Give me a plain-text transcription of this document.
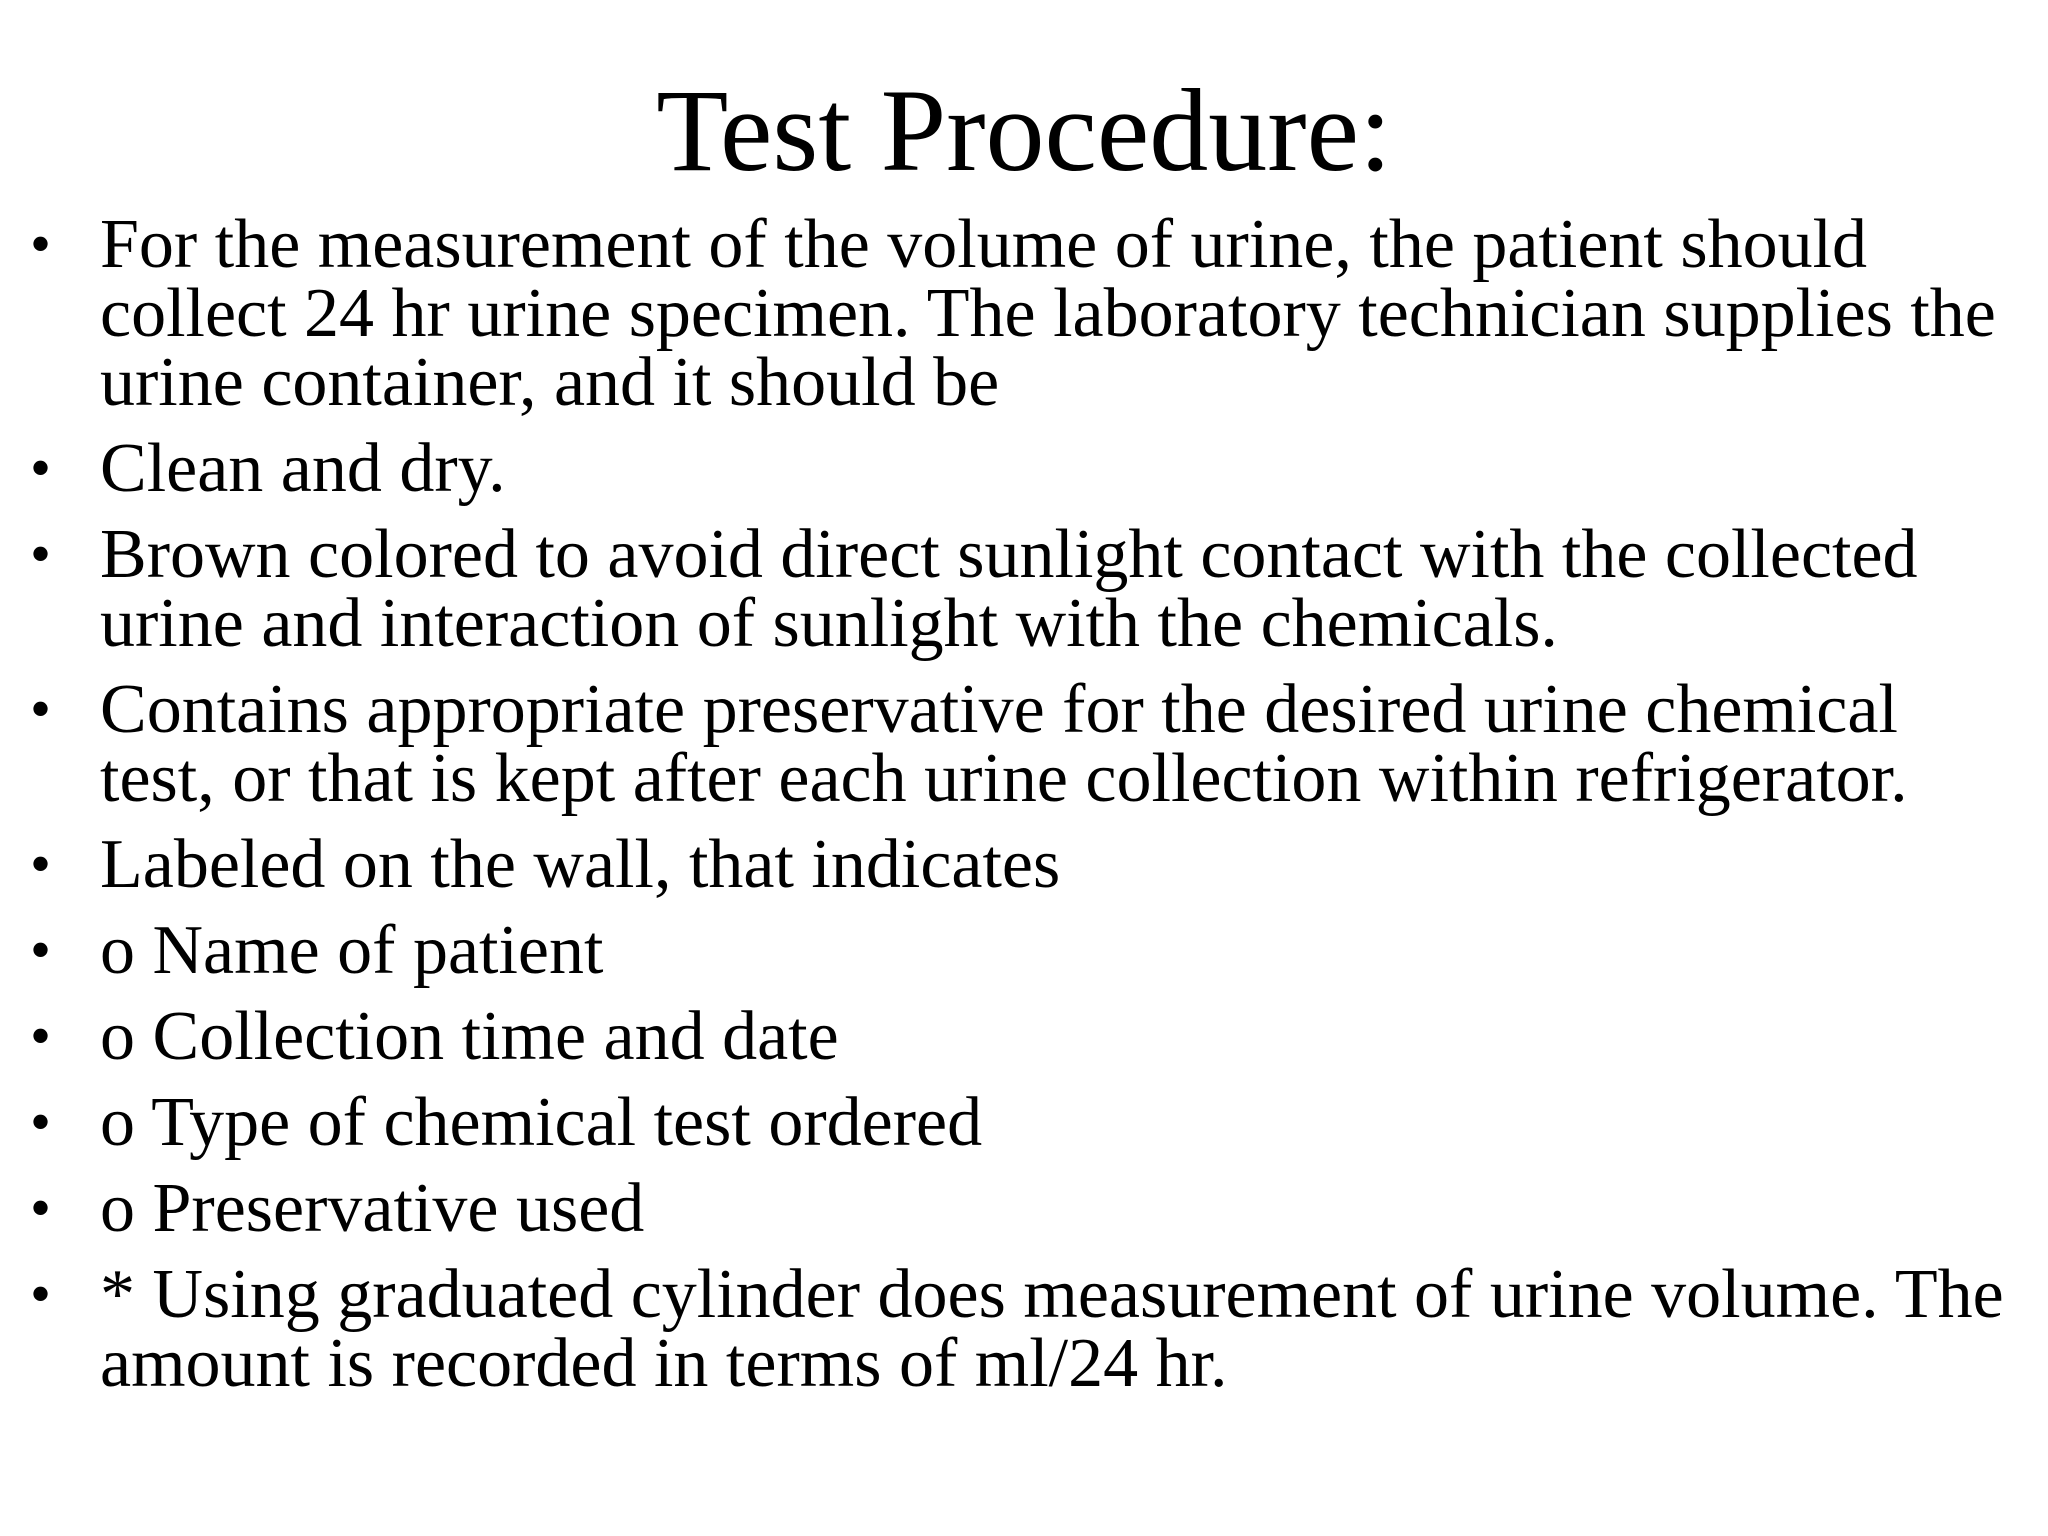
Test Procedure:
• For the measurement of the volume of urine, the patient should collect 24 hr urine specimen. The laboratory technician supplies the urine container, and it should be
• Clean and dry.
• Brown colored to avoid direct sunlight contact with the collected urine and interaction of sunlight with the chemicals.
• Contains appropriate preservative for the desired urine chemical test, or that is kept after each urine collection within refrigerator.
• Labeled on the wall, that indicates
• o Name of patient
• o Collection time and date
• o Type of chemical test ordered
• o Preservative used
• * Using graduated cylinder does measurement of urine volume. The amount is recorded in terms of ml/24 hr.
